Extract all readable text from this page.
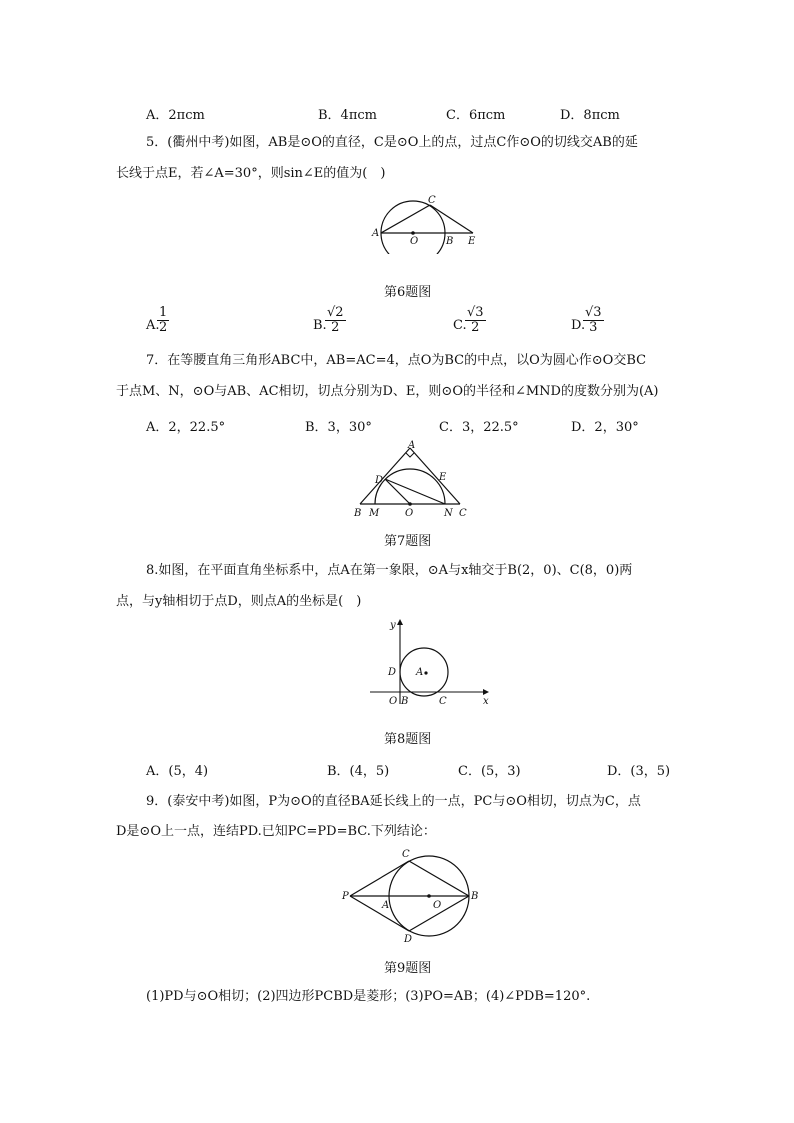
A．2πcm	B．4πcm	C．6πcm	D．8πcm
5．(衢州中考)如图，AB是⊙O的直径，C是⊙O上的点，过点C作⊙O的切线交AB的延
长线于点E，若∠A=30°，则sin∠E的值为(　)
A
C
O	B E
第6题图
A.
$\frac{1}{2}$	B.
$\frac{√2}{2}$	C.
$\frac{√3}{2}$	D.
$\frac{√3}{3}$
7．在等腰直角三角形ABC中，AB=AC=4，点O为BC的中点，以O为圆心作⊙O交BC
于点M、N，⊙O与AB、AC相切，切点分别为D、E，则⊙O的半径和∠MND的度数分别为(A)
A．2，22.5°	B．3，30°	C．3，22.5°	D．2，30°
A
D	E
B M	O	N C
第7题图
8.如图，在平面直角坐标系中，点A在第一象限，⊙A与x轴交于B(2，0)、C(8，0)两
点，与y轴相切于点D，则点A的坐标是(　)
y
x
D A
O B	C
第8题图
A．(5，4)	B．(4，5)	C．(5，3)	D．(3，5)
9．(泰安中考)如图，P为⊙O的直径BA延长线上的一点，PC与⊙O相切，切点为C，点
D是⊙O上一点，连结PD.已知PC=PD=BC.下列结论：
C
P
A	O
B
D
第9题图
(1)PD与⊙O相切；(2)四边形PCBD是菱形；(3)PO=AB；(4)∠PDB=120°.
